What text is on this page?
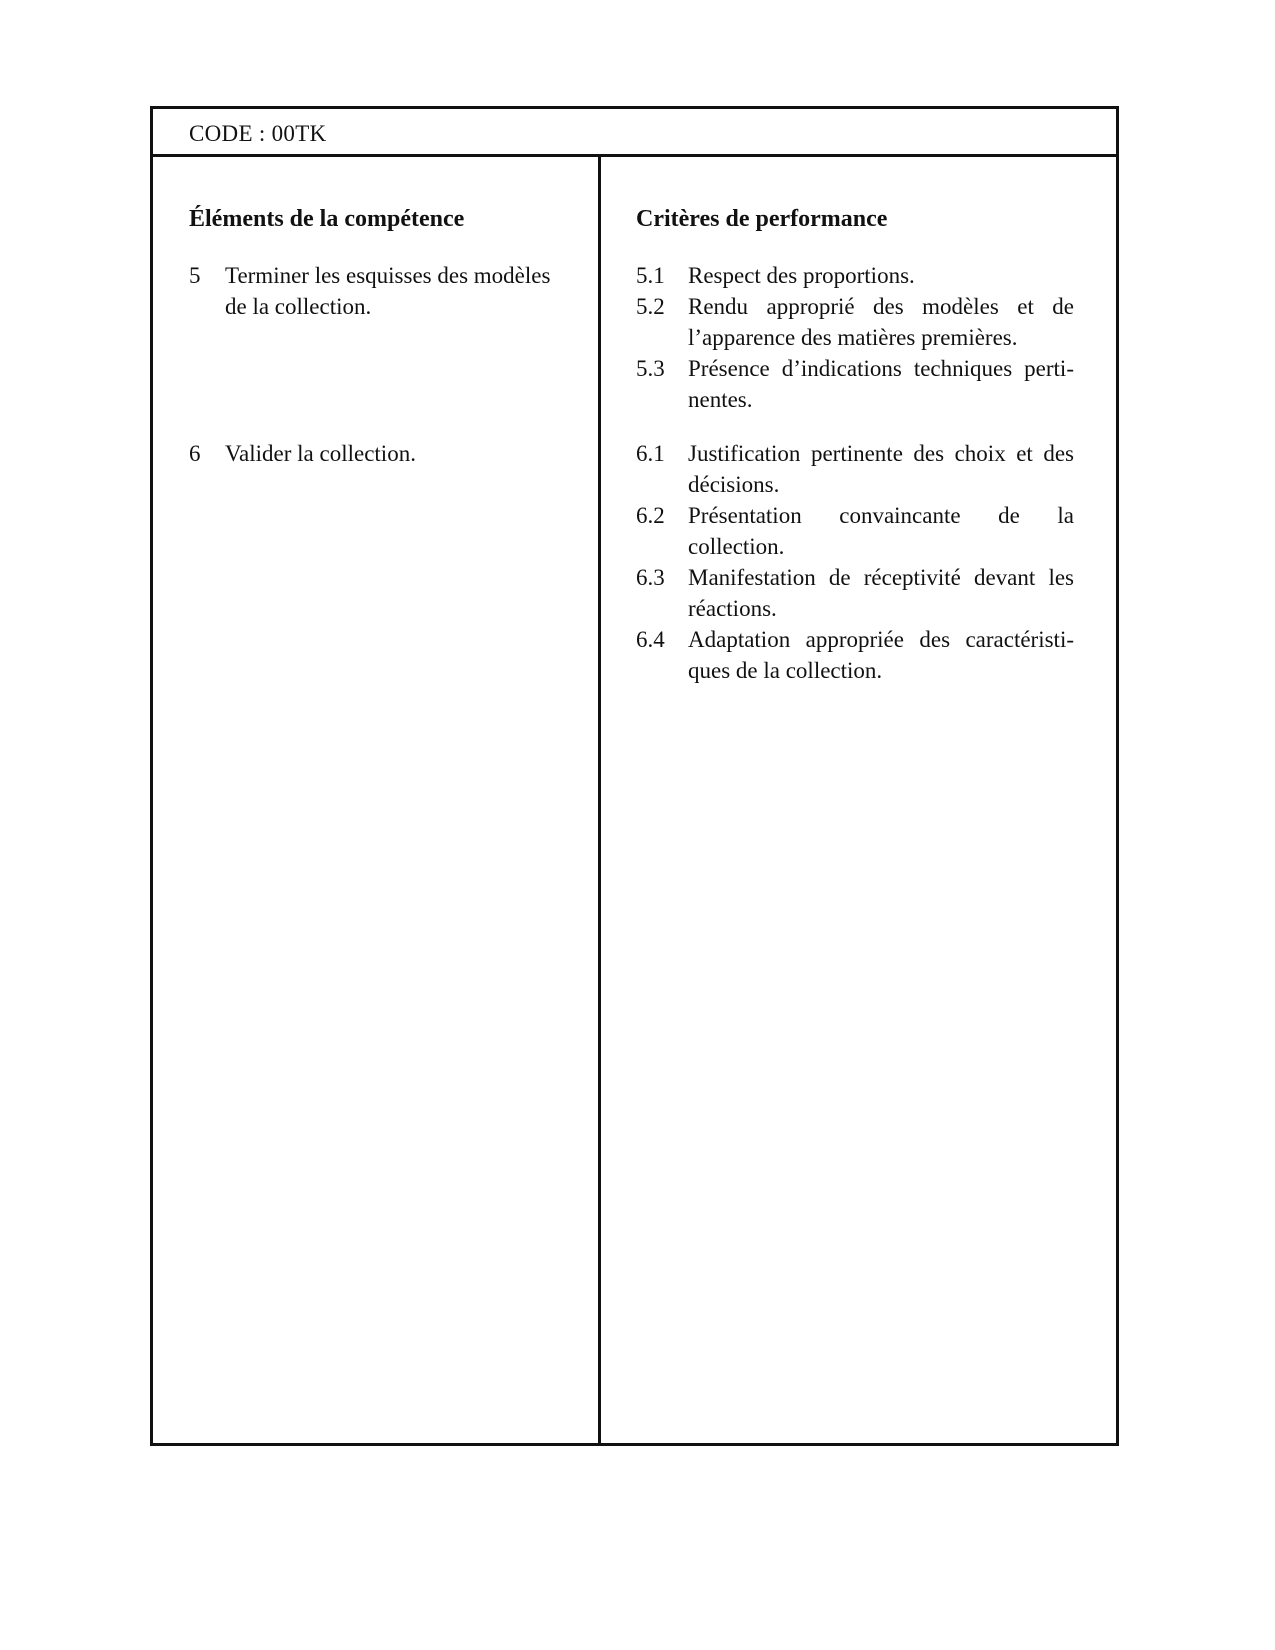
CODE : 00TK
Éléments de la compétence
5 Terminer les esquisses des modèles de la collection.
6 Valider la collection.
Critères de performance
5.1 Respect des proportions.
5.2 Rendu approprié des modèles et de l’apparence des matières premières.
5.3 Présence d’indications techniques perti-nentes.
6.1 Justification pertinente des choix et des décisions.
6.2 Présentation convaincante de la collection.
6.3 Manifestation de réceptivité devant les réactions.
6.4 Adaptation appropriée des caractéristi-ques de la collection.
